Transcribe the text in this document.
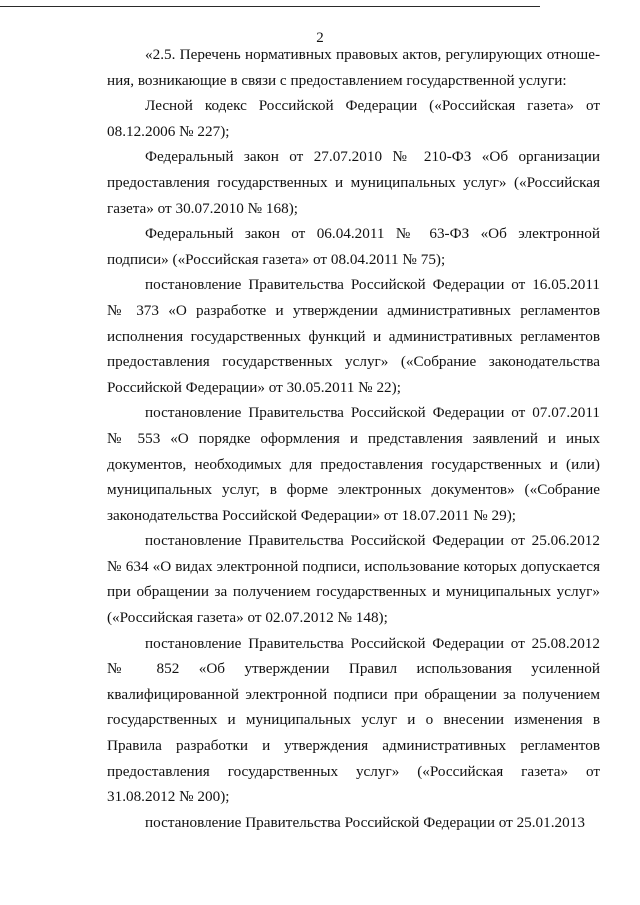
2

«2.5. Перечень нормативных правовых актов, регулирующих отношения, возникающие в связи с предоставлением государственной услуги:

Лесной кодекс Российской Федерации («Российская газета» от 08.12.2006 № 227);

Федеральный закон от 27.07.2010 № 210-ФЗ «Об организации предоставления государственных и муниципальных услуг» («Российская газета» от 30.07.2010 № 168);

Федеральный закон от 06.04.2011 № 63-ФЗ «Об электронной подписи» («Российская газета» от 08.04.2011 № 75);

постановление Правительства Российской Федерации от 16.05.2011 № 373 «О разработке и утверждении административных регламентов исполнения государственных функций и административных регламентов предоставления государственных услуг» («Собрание законодательства Российской Федерации» от 30.05.2011 № 22);

постановление Правительства Российской Федерации от 07.07.2011 № 553 «О порядке оформления и представления заявлений и иных документов, необходимых для предоставления государственных и (или) муниципальных услуг, в форме электронных документов» («Собрание законодательства Российской Федерации» от 18.07.2011 № 29);

постановление Правительства Российской Федерации от 25.06.2012 № 634 «О видах электронной подписи, использование которых допускается при обращении за получением государственных и муниципальных услуг» («Российская газета» от 02.07.2012 № 148);

постановление Правительства Российской Федерации от 25.08.2012 № 852 «Об утверждении Правил использования усиленной квалифицированной электронной подписи при обращении за получением государственных и муниципальных услуг и о внесении изменения в Правила разработки и утверждения административных регламентов предоставления государственных услуг» («Российская газета» от 31.08.2012 № 200);

постановление Правительства Российской Федерации от 25.01.2013
